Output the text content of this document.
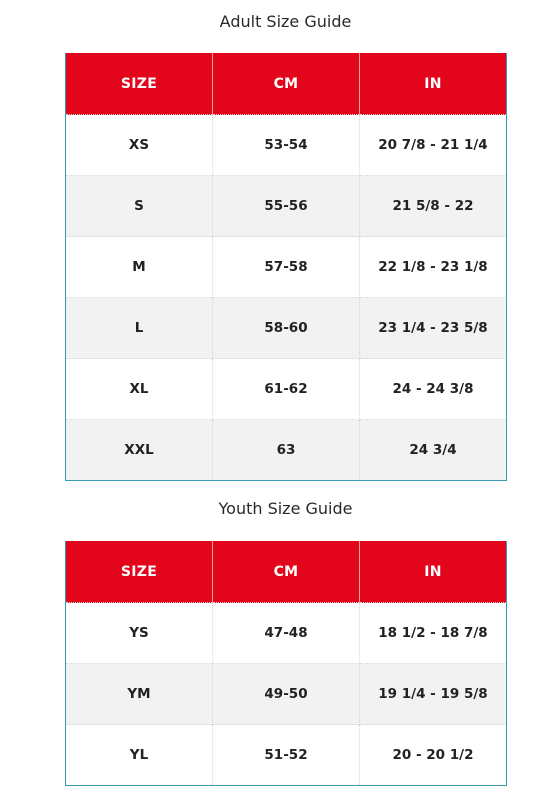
Adult Size Guide
SIZE	CM	IN
XS	53-54	20 7/8 - 21 1/4
S	55-56	21 5/8 - 22
M	57-58	22 1/8 - 23 1/8
L	58-60	23 1/4 - 23 5/8
XL	61-62	24 - 24 3/8
XXL	63	24 3/4
Youth Size Guide
SIZE	CM	IN
YS	47-48	18 1/2 - 18 7/8
YM	49-50	19 1/4 - 19 5/8
YL	51-52	20 - 20 1/2
